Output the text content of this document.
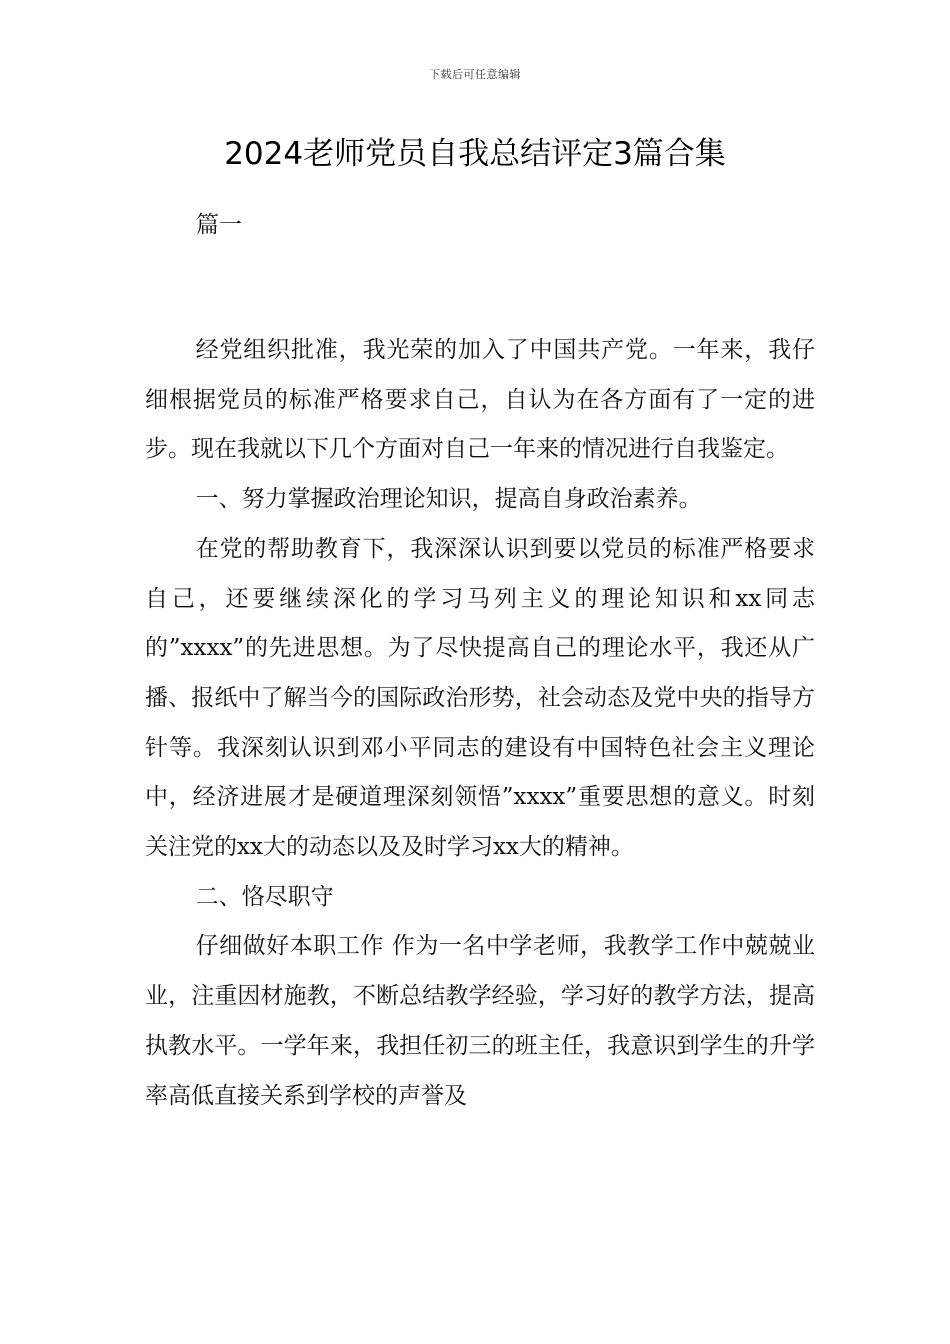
下载后可任意编辑
2024老师党员自我总结评定3篇合集

篇一

经党组织批准，我光荣的加入了中国共产党。一年来，我仔细根据党员的标准严格要求自己，自认为在各方面有了一定的进步。现在我就以下几个方面对自己一年来的情况进行自我鉴定。

一、努力掌握政治理论知识，提高自身政治素养。

在党的帮助教育下，我深深认识到要以党员的标准严格要求自己，还要继续深化的学习马列主义的理论知识和xx同志的”xxxx”的先进思想。为了尽快提高自己的理论水平，我还从广播、报纸中了解当今的国际政治形势，社会动态及党中央的指导方针等。我深刻认识到邓小平同志的建设有中国特色社会主义理论中，经济进展才是硬道理深刻领悟”xxxx”重要思想的意义。时刻关注党的xx大的动态以及及时学习xx大的精神。

二、恪尽职守

仔细做好本职工作 作为一名中学老师，我教学工作中兢兢业业，注重因材施教，不断总结教学经验，学习好的教学方法，提高执教水平。一学年来，我担任初三的班主任，我意识到学生的升学率高低直接关系到学校的声誉及
